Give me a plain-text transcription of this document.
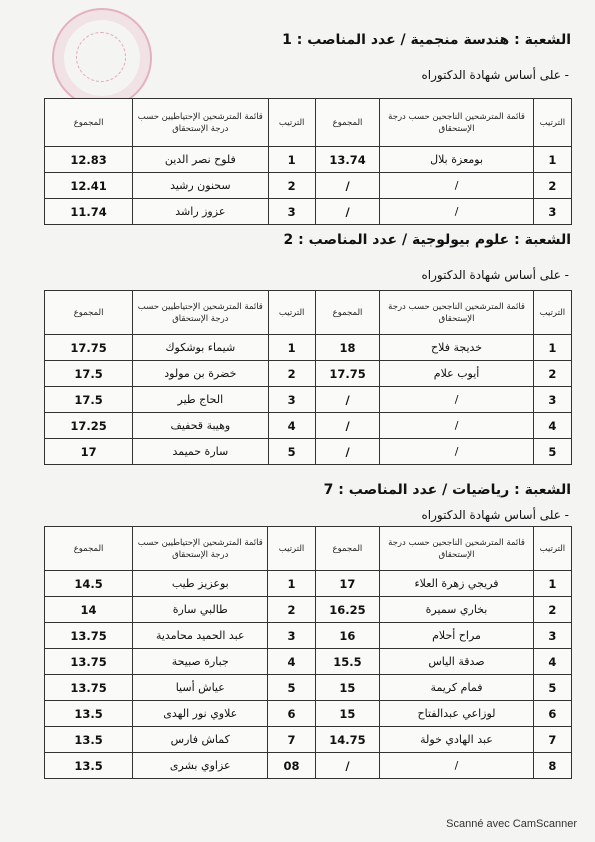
الشعبة : هندسة منجمية / عدد المناصب : 1
- على أساس شهادة الدكتوراه
الترتيب	قائمة المترشحين الناجحين حسب درجة الإستحقاق	المجموع	الترتيب	قائمة المترشحين الإحتياطيين حسب درجة الإستحقاق	المجموع
1	بومعزة بلال	13.74	1	فلوح نصر الدين	12.83
2	/	/	2	سحنون رشيد	12.41
3	/	/	3	عزوز راشد	11.74
الشعبة : علوم بيولوجية / عدد المناصب : 2
- على أساس شهادة الدكتوراه
الترتيب	قائمة المترشحين الناجحين حسب درجة الإستحقاق	المجموع	الترتيب	قائمة المترشحين الإحتياطيين حسب درجة الإستحقاق	المجموع
1	خديجة فلاح	18	1	شيماء بوشكوك	17.75
2	أيوب علام	17.75	2	خضرة بن مولود	17.5
3	/	/	3	الحاج طير	17.5
4	/	/	4	وهيبة قحفيف	17.25
5	/	/	5	سارة حميمد	17
الشعبة : رياضيات / عدد المناصب : 7
- على أساس شهادة الدكتوراه
الترتيب	قائمة المترشحين الناجحين حسب درجة الإستحقاق	المجموع	الترتيب	قائمة المترشحين الإحتياطيين حسب درجة الإستحقاق	المجموع
1	فريجي زهرة العلاء	17	1	بوعزيز طيب	14.5
2	بخاري سميرة	16.25	2	طالبي سارة	14
3	مراح أحلام	16	3	عبد الحميد محامدية	13.75
4	صدقة الياس	15.5	4	جبارة صبيحة	13.75
5	فمام كريمة	15	5	عياش أسيا	13.75
6	لوزاعي عبدالفتاح	15	6	علاوي نور الهدى	13.5
7	عبد الهادي خولة	14.75	7	كماش فارس	13.5
8	/	/	08	عزاوي بشرى	13.5
Scanné avec CamScanner
